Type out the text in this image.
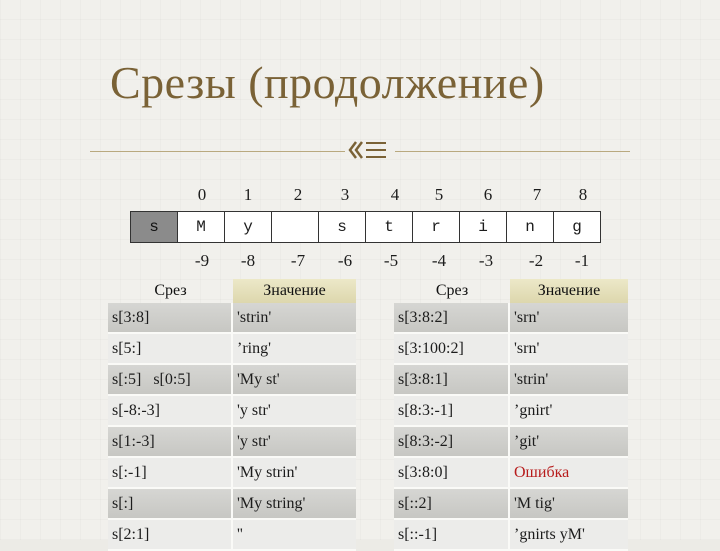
Срезы (продолжение)
0	1	2	3	4	5	6	7	8
s	M	y		s	t	r	i	n	g
-9	-8	-7	-6	-5	-4	-3	-2	-1
Срез	Значение
s[3:8]	'strin'
s[5:]	’ring'
s[:5]   s[0:5]	'My st'
s[-8:-3]	'y str'
s[1:-3]	'y str'
s[:-1]	'My strin'
s[:]	'My string'
s[2:1]	''
Срез	Значение
s[3:8:2]	'srn'
s[3:100:2]	'srn'
s[3:8:1]	'strin'
s[8:3:-1]	’gnirt'
s[8:3:-2]	’git'
s[3:8:0]	Ошибка
s[::2]	'M tig'
s[::-1]	’gnirts yM'
